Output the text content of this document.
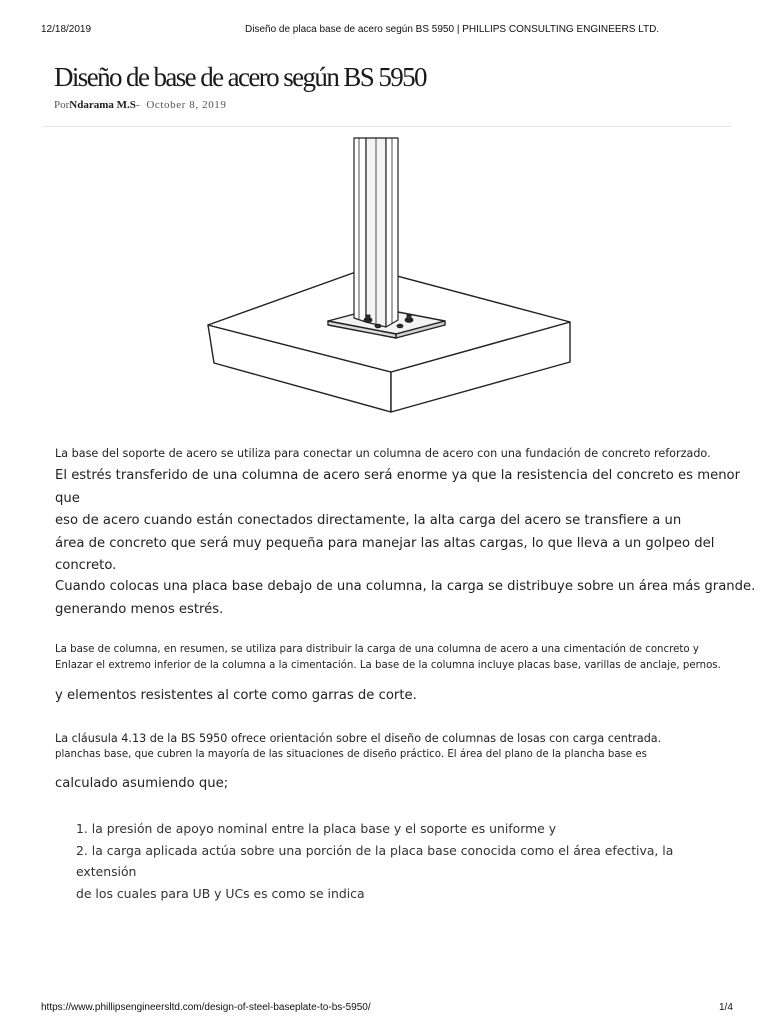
12/18/2019	Diseño de placa base de acero según BS 5950 | PHILLIPS CONSULTING ENGINEERS LTD.
Diseño de base de acero según BS 5950
PorNdarama M.S- October 8, 2019

La base del soporte de acero se utiliza para conectar un columna de acero con una fundación de concreto reforzado.

El estrés transferido de una columna de acero será enorme ya que la resistencia del concreto es menor que
eso de acero cuando están conectados directamente, la alta carga del acero se transfiere a un
área de concreto que será muy pequeña para manejar las altas cargas, lo que lleva a un golpeo del
concreto.
Cuando colocas una placa base debajo de una columna, la carga se distribuye sobre un área más grande.
generando menos estrés.
La base de columna, en resumen, se utiliza para distribuir la carga de una columna de acero a una cimentación de concreto y
Enlazar el extremo inferior de la columna a la cimentación. La base de la columna incluye placas base, varillas de anclaje, pernos.

y elementos resistentes al corte como garras de corte.

La cláusula 4.13 de la BS 5950 ofrece orientación sobre el diseño de columnas de losas con carga centrada.
planchas base, que cubren la mayoría de las situaciones de diseño práctico. El área del plano de la plancha base es

calculado asumiendo que;

1. la presión de apoyo nominal entre la placa base y el soporte es uniforme y
2. la carga aplicada actúa sobre una porción de la placa base conocida como el área efectiva, la extensión
de los cuales para UB y UCs es como se indica
https://www.phillipsengineersltd.com/design-of-steel-baseplate-to-bs-5950/	1/4
